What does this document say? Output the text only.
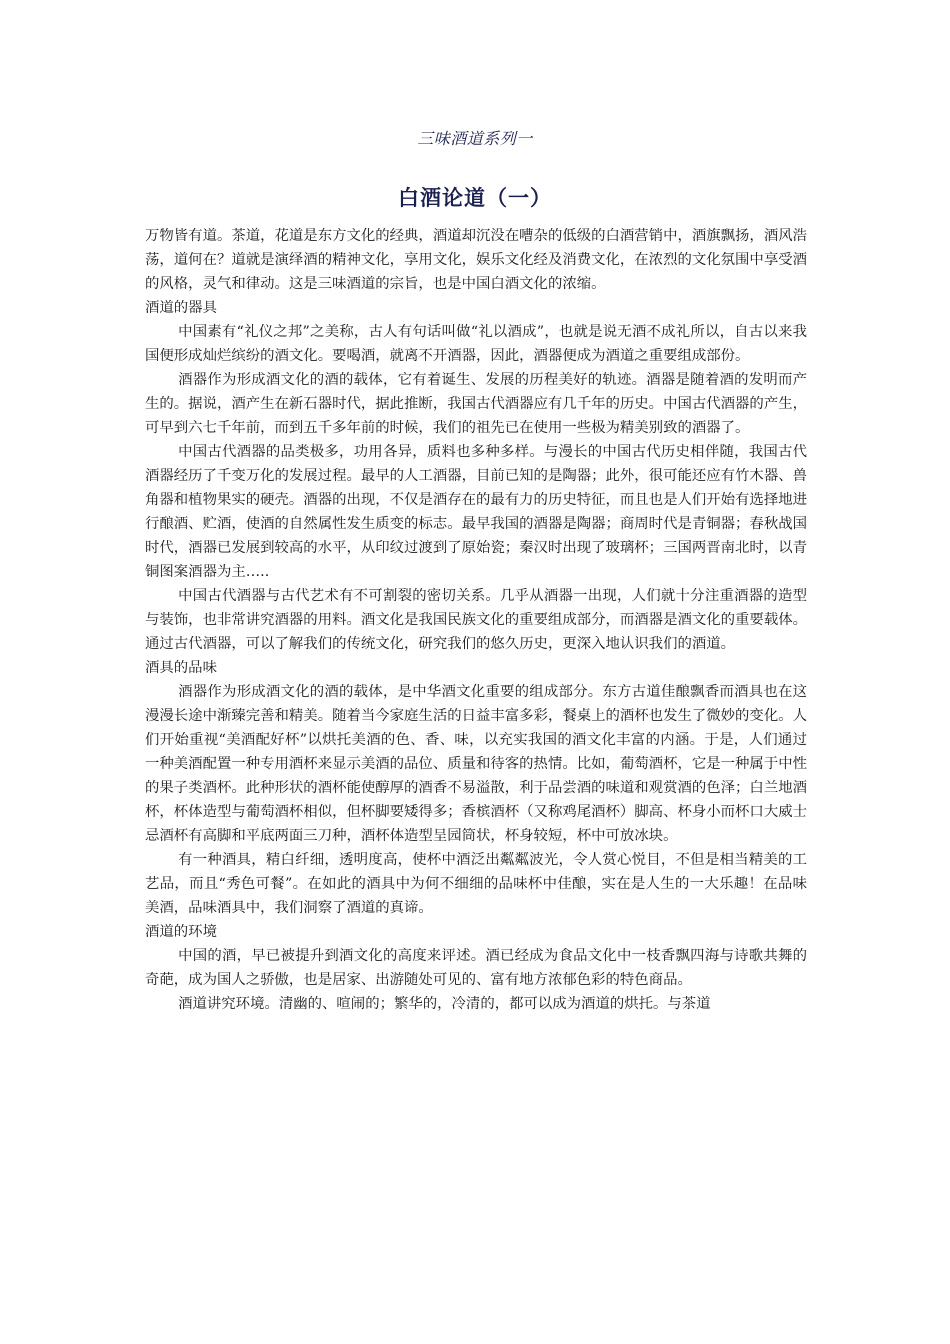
三味酒道系列一
白酒论道（一）

万物皆有道。茶道，花道是东方文化的经典，酒道却沉没在嘈杂的低级的白酒营销中，酒旗飘扬，酒风浩荡，道何在？道就是演绎酒的精神文化，享用文化，娱乐文化经及消费文化，在浓烈的文化氛围中享受酒的风格，灵气和律动。这是三味酒道的宗旨，也是中国白酒文化的浓缩。

酒道的器具

中国素有“礼仪之邦”之美称，古人有句话叫做“礼以酒成”，也就是说无酒不成礼所以，自古以来我国便形成灿烂缤纷的酒文化。要喝酒，就离不开酒器，因此，酒器便成为酒道之重要组成部份。

酒器作为形成酒文化的酒的载体，它有着诞生、发展的历程美好的轨迹。酒器是随着酒的发明而产生的。据说，酒产生在新石器时代，据此推断，我国古代酒器应有几千年的历史。中国古代酒器的产生，可早到六七千年前，而到五千多年前的时候，我们的祖先已在使用一些极为精美别致的酒器了。

中国古代酒器的品类极多，功用各异，质料也多种多样。与漫长的中国古代历史相伴随，我国古代酒器经历了千变万化的发展过程。最早的人工酒器，目前已知的是陶器；此外，很可能还应有竹木器、兽角器和植物果实的硬壳。酒器的出现，不仅是酒存在的最有力的历史特征，而且也是人们开始有选择地进行酿酒、贮酒，使酒的自然属性发生质变的标志。最早我国的酒器是陶器；商周时代是青铜器；春秋战国时代，酒器已发展到较高的水平，从印纹过渡到了原始瓷；秦汉时出现了玻璃杯；三国两晋南北时，以青铜图案酒器为主…..

中国古代酒器与古代艺术有不可割裂的密切关系。几乎从酒器一出现，人们就十分注重酒器的造型与装饰，也非常讲究酒器的用料。酒文化是我国民族文化的重要组成部分，而酒器是酒文化的重要载体。通过古代酒器，可以了解我们的传统文化，研究我们的悠久历史，更深入地认识我们的酒道。

酒具的品味

酒器作为形成酒文化的酒的载体，是中华酒文化重要的组成部分。东方古道佳酿飘香而酒具也在这漫漫长途中渐臻完善和精美。随着当今家庭生活的日益丰富多彩，餐桌上的酒杯也发生了微妙的变化。人们开始重视“美酒配好杯”以烘托美酒的色、香、味，以充实我国的酒文化丰富的内涵。于是，人们通过一种美酒配置一种专用酒杯来显示美酒的品位、质量和待客的热情。比如，葡萄酒杯，它是一种属于中性的果子类酒杯。此种形状的酒杯能使醇厚的酒香不易溢散，利于品尝酒的味道和观赏酒的色泽；白兰地酒杯，杯体造型与葡萄酒杯相似，但杯脚要矮得多；香槟酒杯（又称鸡尾酒杯）脚高、杯身小而杯口大威士忌酒杯有高脚和平底两面三刀种，酒杯体造型呈园筒状，杯身较短，杯中可放冰块。

有一种酒具，精白纤细，透明度高，使杯中酒泛出粼粼波光，令人赏心悦目，不但是相当精美的工艺品，而且“秀色可餐”。在如此的酒具中为何不细细的品味杯中佳酿，实在是人生的一大乐趣！在品味美酒，品味酒具中，我们洞察了酒道的真谛。

酒道的环境

中国的酒，早已被提升到酒文化的高度来评述。酒已经成为食品文化中一枝香飘四海与诗歌共舞的奇葩，成为国人之骄傲，也是居家、出游随处可见的、富有地方浓郁色彩的特色商品。

酒道讲究环境。清幽的、喧闹的；繁华的，冷清的，都可以成为酒道的烘托。与茶道
